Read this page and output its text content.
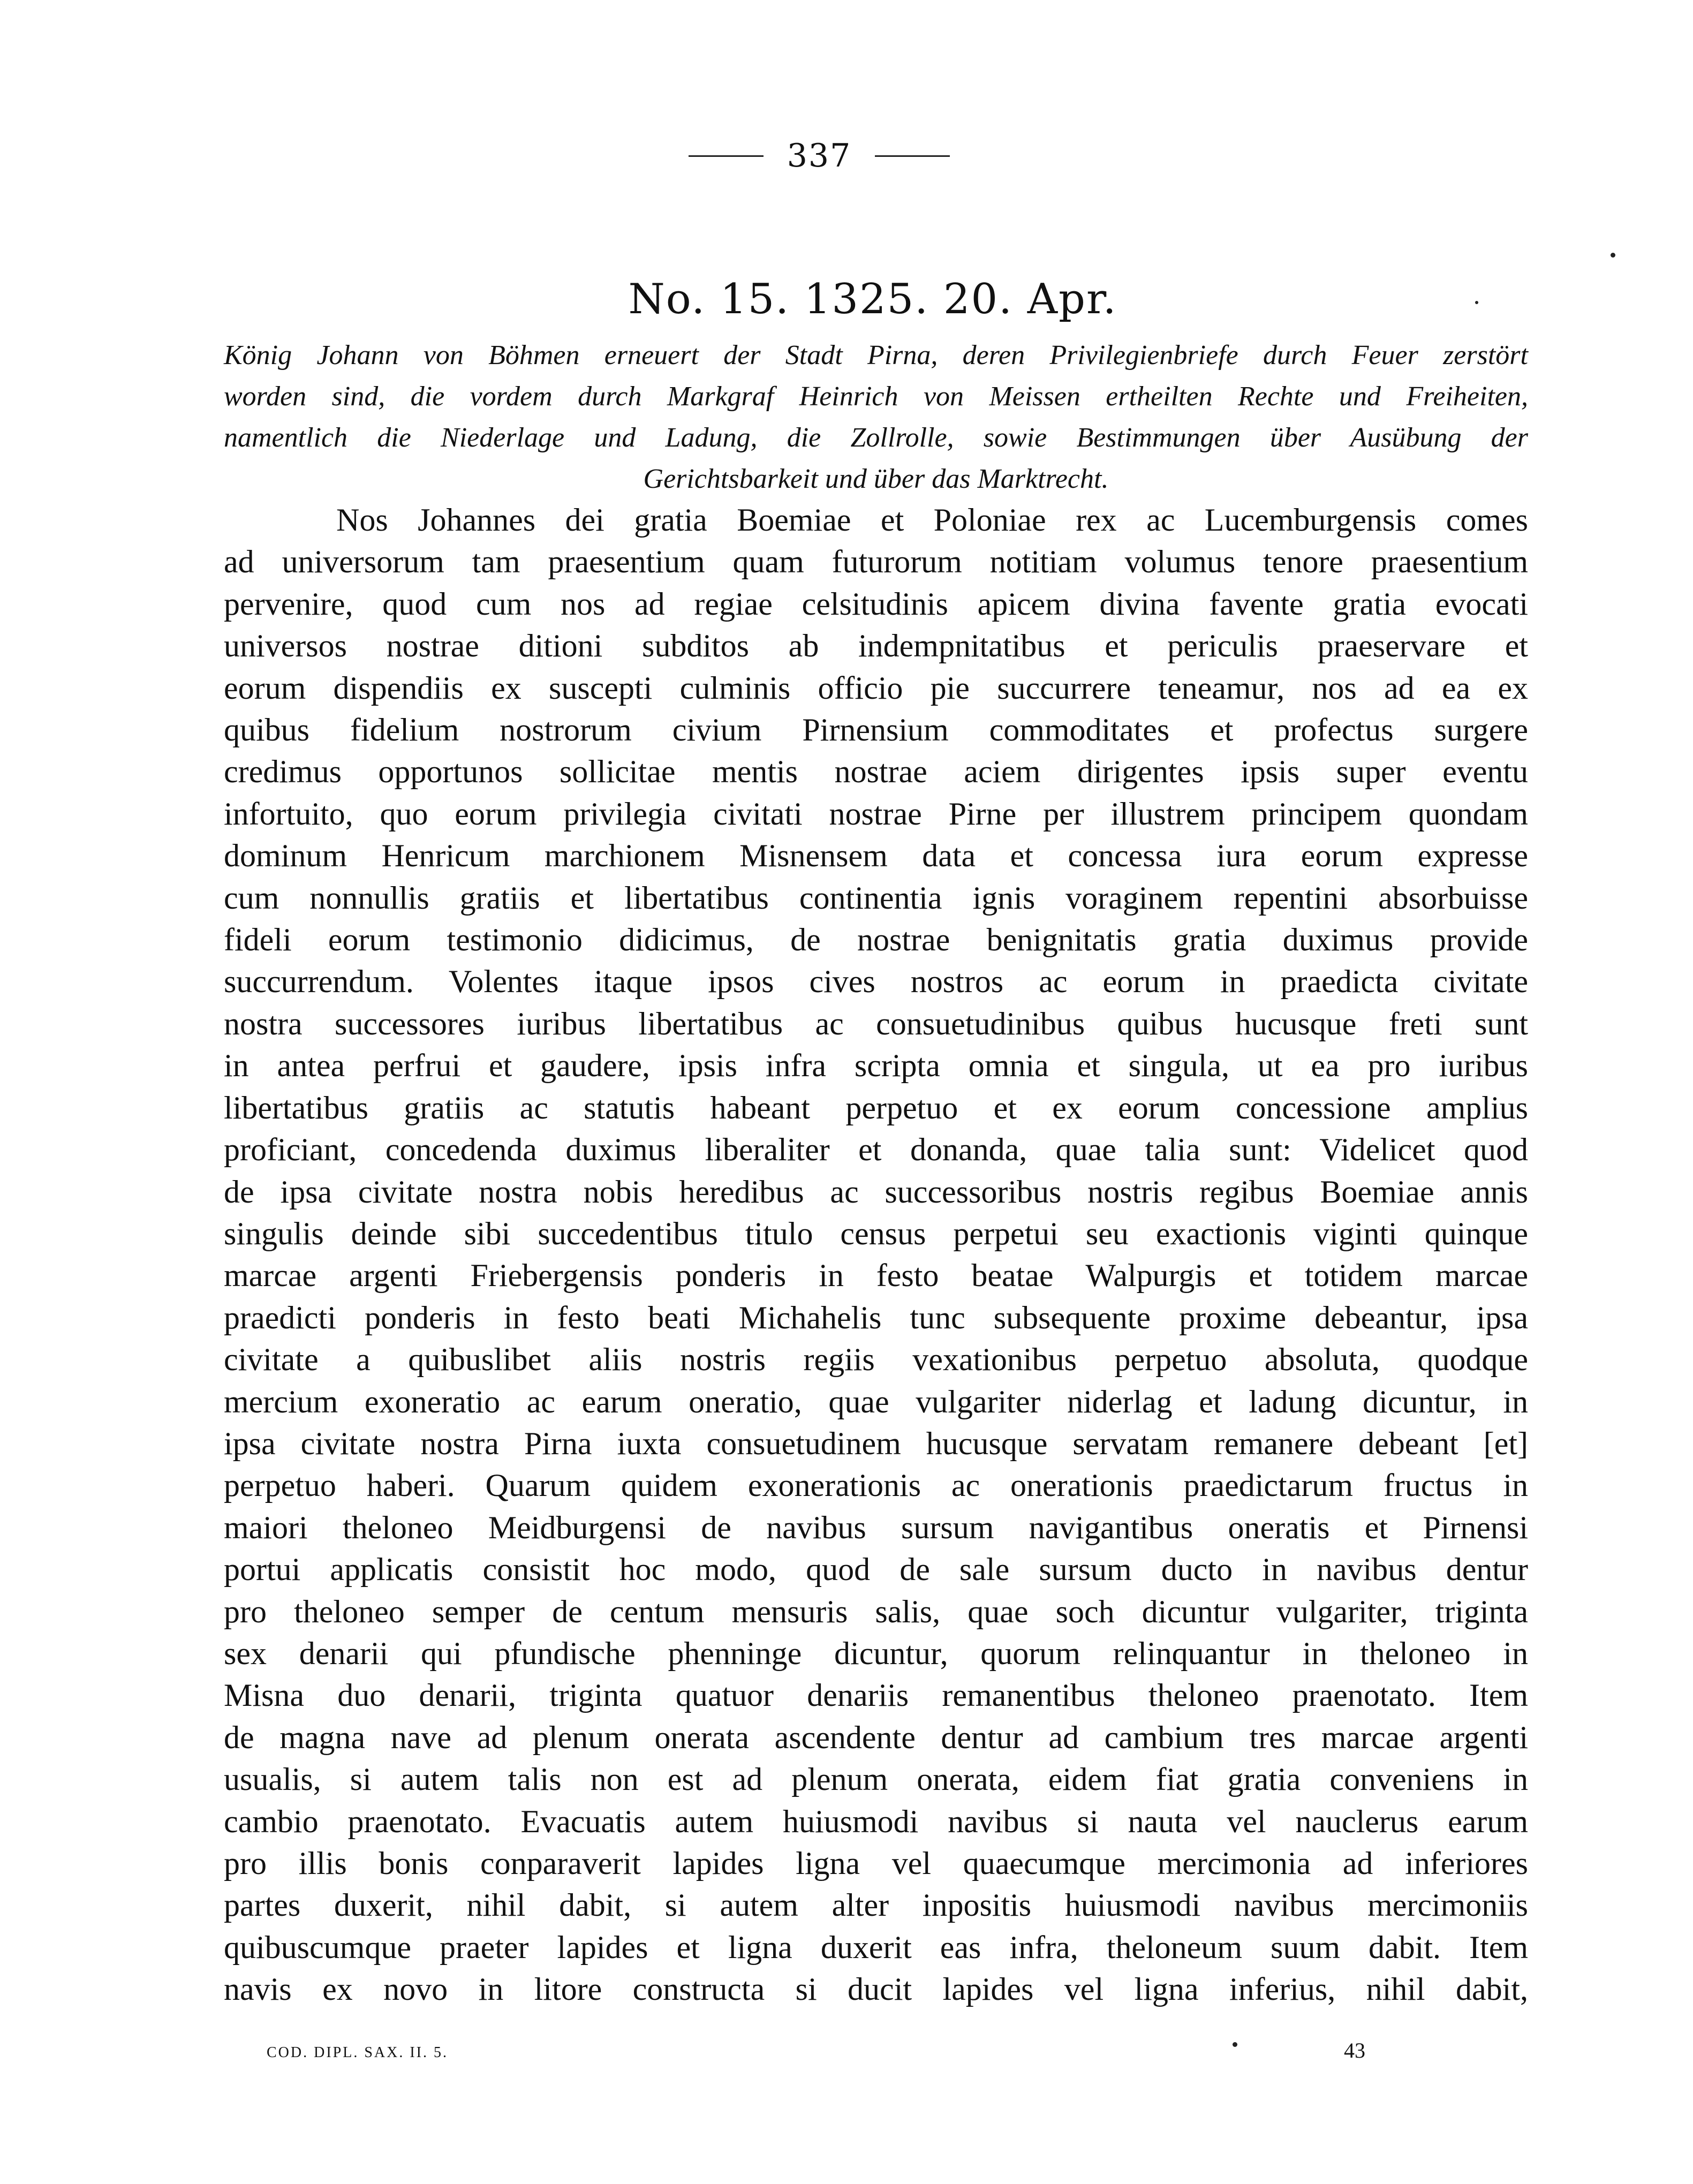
337
No. 15. 1325. 20. Apr.
König Johann von Böhmen erneuert der Stadt Pirna, deren Privilegienbriefe durch Feuer zerstört
worden sind, die vordem durch Markgraf Heinrich von Meissen ertheilten Rechte und Freiheiten,
namentlich die Niederlage und Ladung, die Zollrolle, sowie Bestimmungen über Ausübung der
Gerichtsbarkeit und über das Marktrecht.
Nos Johannes dei gratia Boemiae et Poloniae rex ac Lucemburgensis comes
ad universorum tam praesentium quam futurorum notitiam volumus tenore praesentium
pervenire, quod cum nos ad regiae celsitudinis apicem divina favente gratia evocati
universos nostrae ditioni subditos ab indempnitatibus et periculis praeservare et
eorum dispendiis ex suscepti culminis officio pie succurrere teneamur, nos ad ea ex
quibus fidelium nostrorum civium Pirnensium commoditates et profectus surgere
credimus opportunos sollicitae mentis nostrae aciem dirigentes ipsis super eventu
infortuito, quo eorum privilegia civitati nostrae Pirne per illustrem principem quondam
dominum Henricum marchionem Misnensem data et concessa iura eorum expresse
cum nonnullis gratiis et libertatibus continentia ignis voraginem repentini absorbuisse
fideli eorum testimonio didicimus, de nostrae benignitatis gratia duximus provide
succurrendum. Volentes itaque ipsos cives nostros ac eorum in praedicta civitate
nostra successores iuribus libertatibus ac consuetudinibus quibus hucusque freti sunt
in antea perfrui et gaudere, ipsis infra scripta omnia et singula, ut ea pro iuribus
libertatibus gratiis ac statutis habeant perpetuo et ex eorum concessione amplius
proficiant, concedenda duximus liberaliter et donanda, quae talia sunt: Videlicet quod
de ipsa civitate nostra nobis heredibus ac successoribus nostris regibus Boemiae annis
singulis deinde sibi succedentibus titulo census perpetui seu exactionis viginti quinque
marcae argenti Friebergensis ponderis in festo beatae Walpurgis et totidem marcae
praedicti ponderis in festo beati Michahelis tunc subsequente proxime debeantur, ipsa
civitate a quibuslibet aliis nostris regiis vexationibus perpetuo absoluta, quodque
mercium exoneratio ac earum oneratio, quae vulgariter niderlag et ladung dicuntur, in
ipsa civitate nostra Pirna iuxta consuetudinem hucusque servatam remanere debeant [et]
perpetuo haberi. Quarum quidem exonerationis ac onerationis praedictarum fructus in
maiori theloneo Meidburgensi de navibus sursum navigantibus oneratis et Pirnensi
portui applicatis consistit hoc modo, quod de sale sursum ducto in navibus dentur
pro theloneo semper de centum mensuris salis, quae soch dicuntur vulgariter, triginta
sex denarii qui pfundische phenninge dicuntur, quorum relinquantur in theloneo in
Misna duo denarii, triginta quatuor denariis remanentibus theloneo praenotato. Item
de magna nave ad plenum onerata ascendente dentur ad cambium tres marcae argenti
usualis, si autem talis non est ad plenum onerata, eidem fiat gratia conveniens in
cambio praenotato. Evacuatis autem huiusmodi navibus si nauta vel nauclerus earum
pro illis bonis conparaverit lapides ligna vel quaecumque mercimonia ad inferiores
partes duxerit, nihil dabit, si autem alter inpositis huiusmodi navibus mercimoniis
quibuscumque praeter lapides et ligna duxerit eas infra, theloneum suum dabit. Item
navis ex novo in litore constructa si ducit lapides vel ligna inferius, nihil dabit,
COD. DIPL. SAX. II. 5.	43
